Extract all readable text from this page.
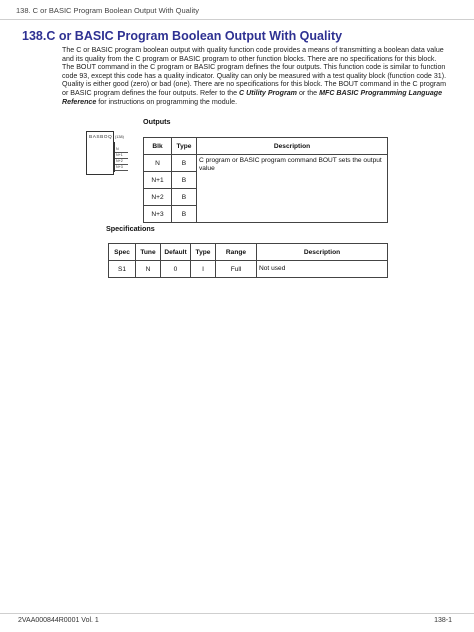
138. C or BASIC Program Boolean Output With Quality
138.C or BASIC Program Boolean Output With Quality

The C or BASIC program boolean output with quality function code provides a means of transmitting a boolean data value and its quality from the C program or BASIC program to other function blocks. There are no specifications for this block. The BOUT command in the C program or BASIC program defines the four outputs. This function code is similar to function code 93, except this code has a quality indicator. Quality can only be measured with a test quality block (function code 31). Quality is either good (zero) or bad (one). There are no specifications for this block. The BOUT command in the C program or BASIC program defines the four outputs. Refer to the C Utility Program or the MFC BASIC Programming Language Reference for instructions on programming the module.

Outputs
BASBOQ (138)
N
N+1
N+2
N+3
Blk	Type	Description
N	B	C program or BASIC program command BOUT sets the output value
N+1	B	
N+2	B	
N+3	B	
Specifications
Spec	Tune	Default	Type	Range	Description
S1	N	0	I	Full	Not used
2VAA000844R0001 Vol. 1	138-1
